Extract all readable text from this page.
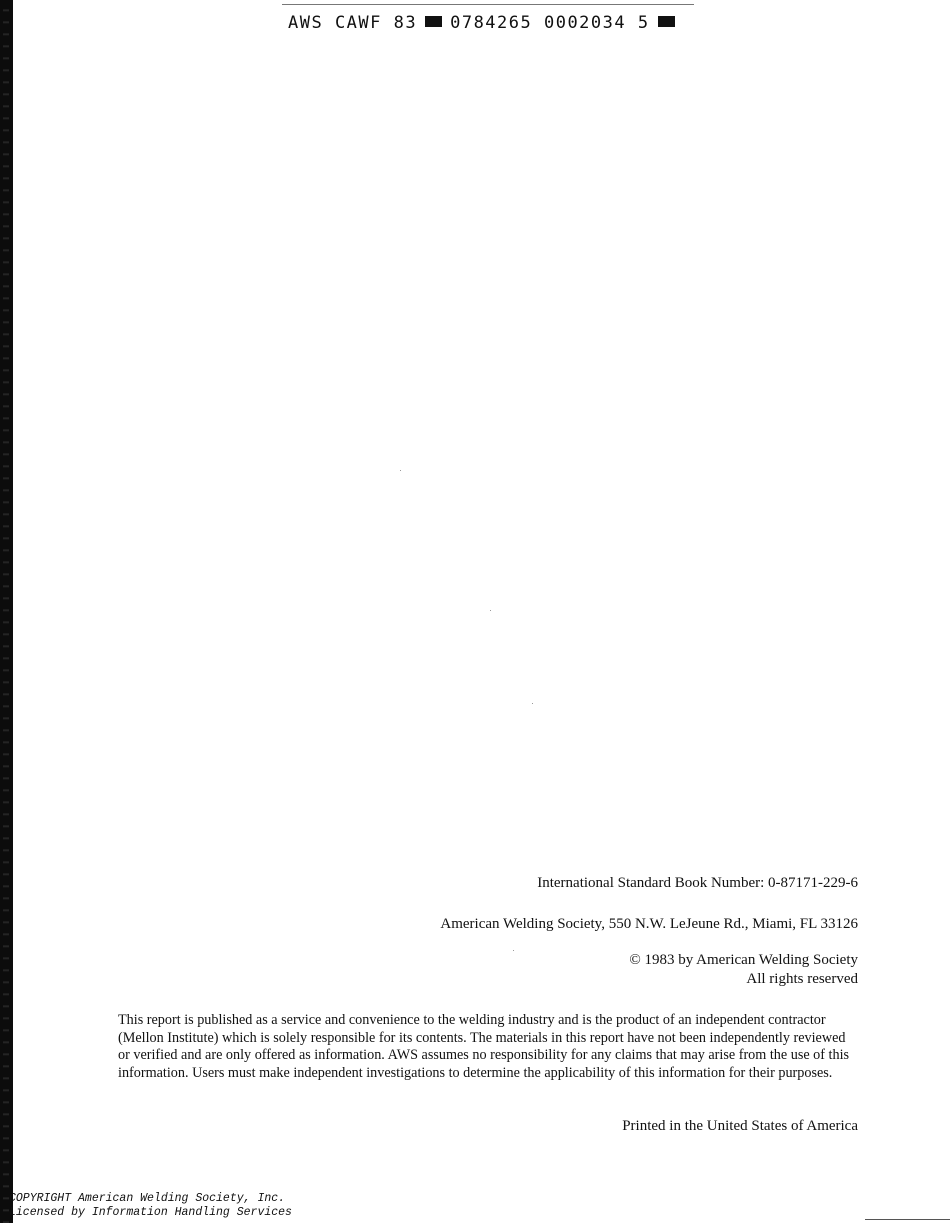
AWS CAWF 83 0784265 0002034 5
International Standard Book Number: 0-87171-229-6
American Welding Society, 550 N.W. LeJeune Rd., Miami, FL 33126
© 1983 by American Welding Society
All rights reserved
This report is published as a service and convenience to the welding industry and is the product of an independent contractor (Mellon Institute) which is solely responsible for its contents. The materials in this report have not been independently reviewed or verified and are only offered as information. AWS assumes no responsibility for any claims that may arise from the use of this information. Users must make independent investigations to determine the applicability of this information for their purposes.
Printed in the United States of America
COPYRIGHT American Welding Society, Inc.
Licensed by Information Handling Services
